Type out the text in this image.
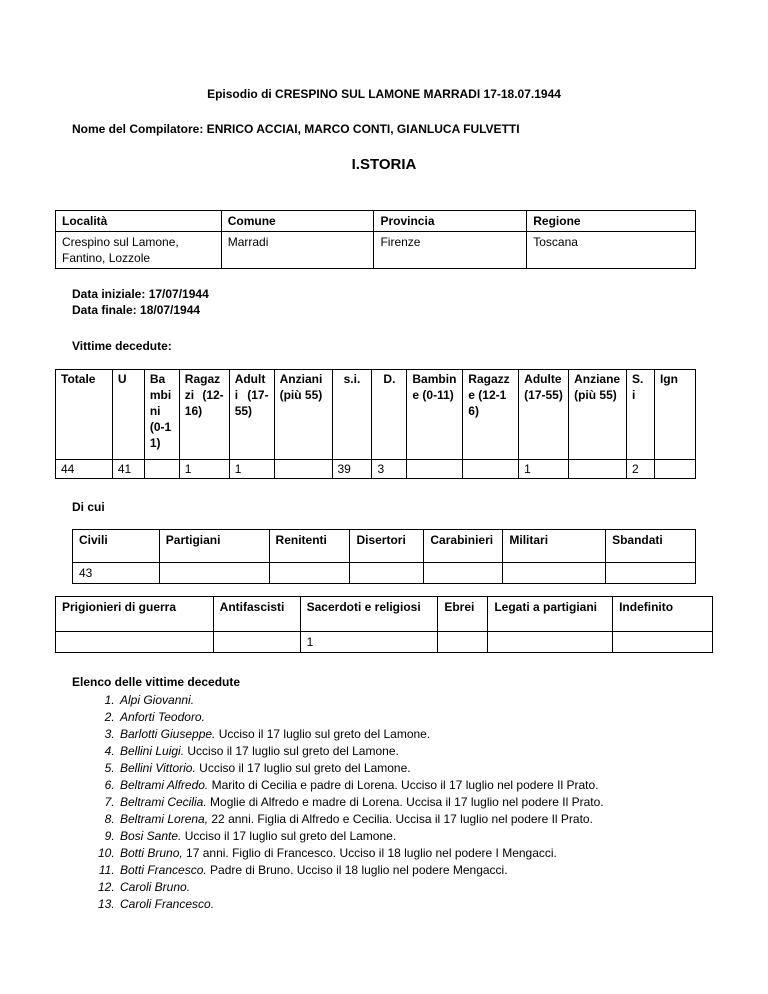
Episodio di CRESPINO SUL LAMONE MARRADI 17-18.07.1944
Nome del Compilatore: ENRICO ACCIAI, MARCO CONTI, GIANLUCA FULVETTI
I.STORIA
Località	Comune	Provincia	Regione
Crespino sul Lamone, Fantino, Lozzole	Marradi	Firenze	Toscana
Data iniziale: 17/07/1944
Data finale: 18/07/1944
Vittime decedute:
Totale	U	Bambini (0-11)	Ragazzi (12-16)	Adulti (17-55)	Anziani (più 55)	s.i.	D.	Bambine (0-11)	Ragazze (12-16)	Adulte (17-55)	Anziane (più 55)	S. i	Ign
44	41		1	1		39	3			1		2	
Di cui
Civili	Partigiani	Renitenti	Disertori	Carabinieri	Militari	Sbandati
43						
Prigionieri di guerra	Antifascisti	Sacerdoti e religiosi	Ebrei	Legati a partigiani	Indefinito
		1			
Elenco delle vittime decedute
1. Alpi Giovanni.
2. Anforti Teodoro.
3. Barlotti Giuseppe. Ucciso il 17 luglio sul greto del Lamone.
4. Bellini Luigi. Ucciso il 17 luglio sul greto del Lamone.
5. Bellini Vittorio. Ucciso il 17 luglio sul greto del Lamone.
6. Beltrami Alfredo. Marito di Cecilia e padre di Lorena. Ucciso il 17 luglio nel podere Il Prato.
7. Beltrami Cecilia. Moglie di Alfredo e madre di Lorena. Uccisa il 17 luglio nel podere Il Prato.
8. Beltrami Lorena, 22 anni. Figlia di Alfredo e Cecilia. Uccisa il 17 luglio nel podere Il Prato.
9. Bosi Sante. Ucciso il 17 luglio sul greto del Lamone.
10. Botti Bruno, 17 anni. Figlio di Francesco. Ucciso il 18 luglio nel podere I Mengacci.
11. Botti Francesco. Padre di Bruno. Ucciso il 18 luglio nel podere Mengacci.
12. Caroli Bruno.
13. Caroli Francesco.
